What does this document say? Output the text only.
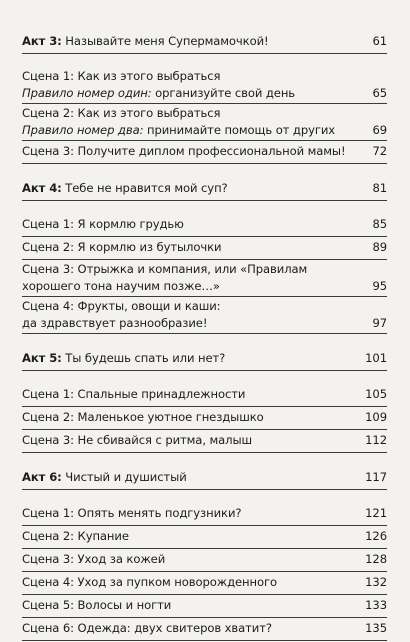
Акт 3: Называйте меня Супермамочкой!	61
Сцена 1: Как из этого выбраться
Правило номер один: организуйте свой день	65
Сцена 2: Как из этого выбраться
Правило номер два: принимайте помощь от других	69
Сцена 3: Получите диплом профессиональной мамы!	72
Акт 4: Тебе не нравится мой суп?	81
Сцена 1: Я кормлю грудью	85
Сцена 2: Я кормлю из бутылочки	89
Сцена 3: Отрыжка и компания, или «Правилам
хорошего тона научим позже…»	95
Сцена 4: Фрукты, овощи и каши:
да здравствует разнообразие!	97
Акт 5: Ты будешь спать или нет?	101
Сцена 1: Спальные принадлежности	105
Сцена 2: Маленькое уютное гнездышко	109
Сцена 3: Не сбивайся с ритма, малыш	112
Акт 6: Чистый и душистый	117
Сцена 1: Опять менять подгузники?	121
Сцена 2: Купание	126
Сцена 3: Уход за кожей	128
Сцена 4: Уход за пупком новорожденного	132
Сцена 5: Волосы и ногти	133
Сцена 6: Одежда: двух свитеров хватит?	135
